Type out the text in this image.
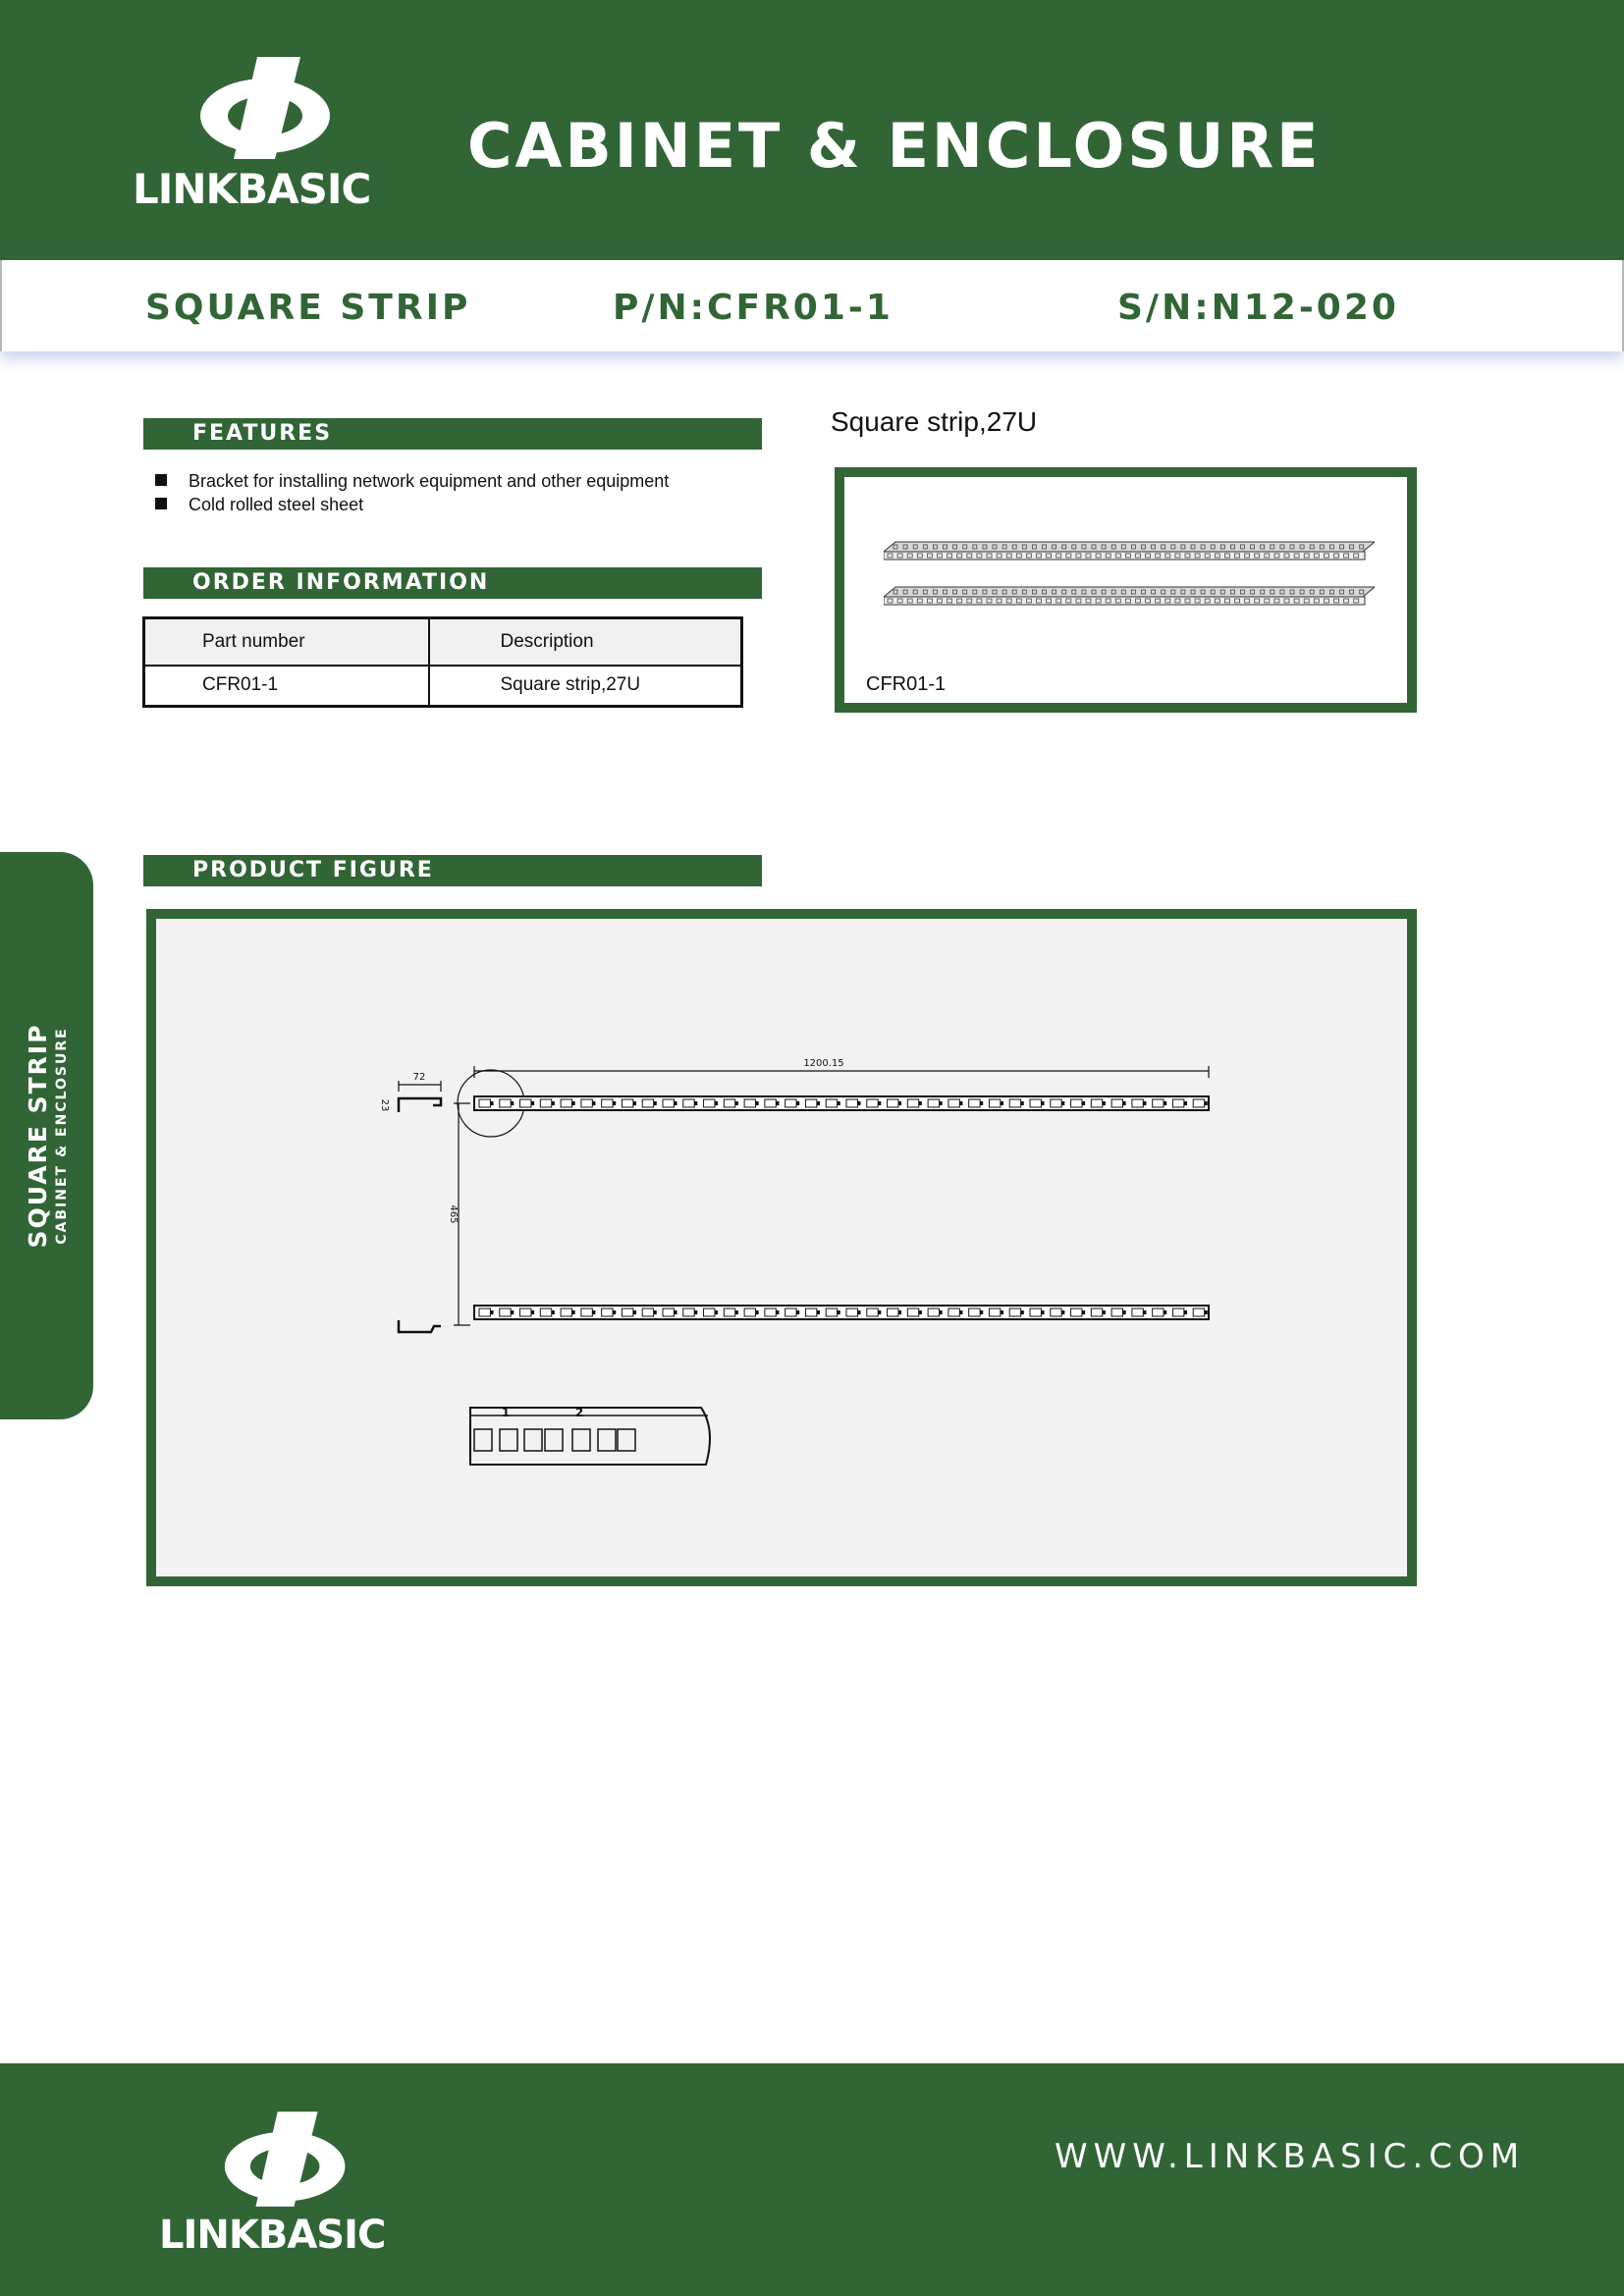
LINKBASIC
CABINET & ENCLOSURE
SQUARE STRIP	P/N:CFR01-1	S/N:N12-020
FEATURES
Bracket for installing network equipment and other equipment
Cold rolled steel sheet
ORDER INFORMATION
Part number	Description
CFR01-1	Square strip,27U
Square strip,27U
CFR01-1
SQUARE STRIP CABINET & ENCLOSURE
PRODUCT FIGURE
1200.15
72
23
465
1	2
LINKBASIC
WWW.LINKBASIC.COM
